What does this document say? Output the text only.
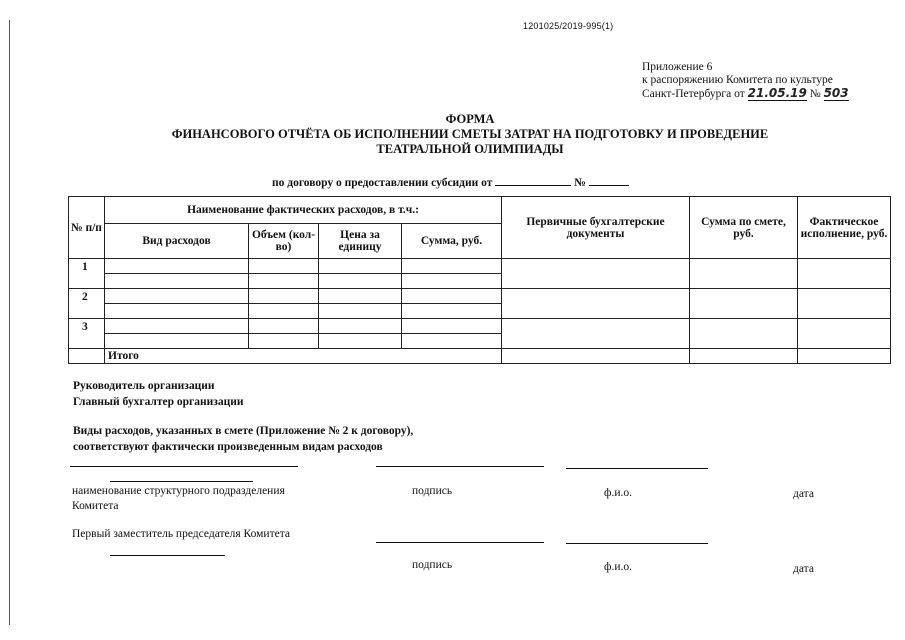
1201025/2019-995(1)
Приложение 6
к распоряжению Комитета по культуре
Санкт-Петербурга от 21.05.19 № 503
ФОРМА
ФИНАНСОВОГО ОТЧЁТА ОБ ИСПОЛНЕНИИ СМЕТЫ ЗАТРАТ НА ПОДГОТОВКУ И ПРОВЕДЕНИЕ
ТЕАТРАЛЬНОЙ ОЛИМПИАДЫ
по договору о предоставлении субсидии от	№
№ п/п	Наименование фактических расходов, в т.ч.:				Первичные бухгалтерские документы	Сумма по смете, руб.	Фактическое исполнение, руб.
	Вид расходов	Объем (кол-во)	Цена за единицу	Сумма, руб.			
1							

2							

3							

	Итого						
Руководитель организации
Главный бухгалтер организации
Виды расходов, указанных в смете (Приложение № 2 к договору),
соответствуют фактически произведенным видам расходов
наименование структурного подразделения
Комитета
подпись	ф.и.о.	дата
Первый заместитель председателя Комитета
подпись	ф.и.о.	дата
